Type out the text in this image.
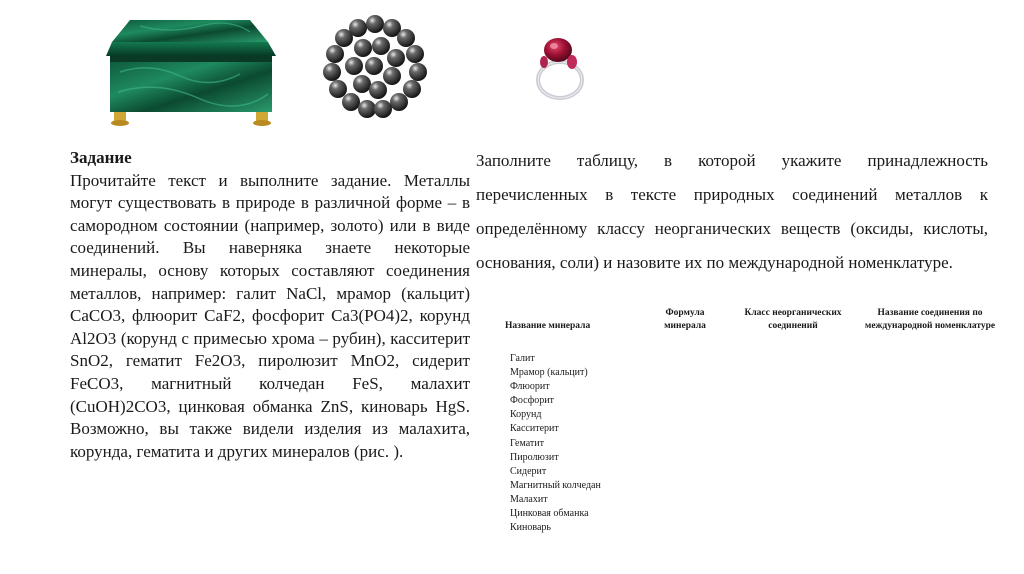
Задание
Прочитайте текст и выполните задание. Металлы могут существовать в природе в различной форме – в самородном состоянии (например, золото) или в виде соединений. Вы наверняка знаете некоторые минералы, основу которых составляют соединения металлов, например: галит NaCl, мрамор (кальцит) CaCO3, флюорит CaF2, фосфорит Ca3(PO4)2, корунд Al2O3 (корунд с примесью хрома – рубин), касситерит SnO2, гематит Fe2O3, пиролюзит MnO2, сидерит FeCO3, магнитный колчедан FeS, малахит (CuOH)2CO3, цинковая обманка ZnS, киноварь HgS. Возможно, вы также видели изделия из малахита, корунда, гематита и других минералов (рис. ).
Заполните таблицу, в которой укажите принадлежность перечисленных в тексте природных соединений металлов к определённому классу неорганических веществ (оксиды, кислоты, основания, соли) и назовите их по международной номенклатуре.
Название минерала
Формула минерала
Класс неорганических соединений
Название соединения по международной номенклатуре
Галит
Мрамор (кальцит)
Флюорит
Фосфорит
Корунд
Касситерит
Гематит
Пиролюзит
Сидерит
Магнитный колчедан
Малахит
Цинковая обманка
Киноварь
